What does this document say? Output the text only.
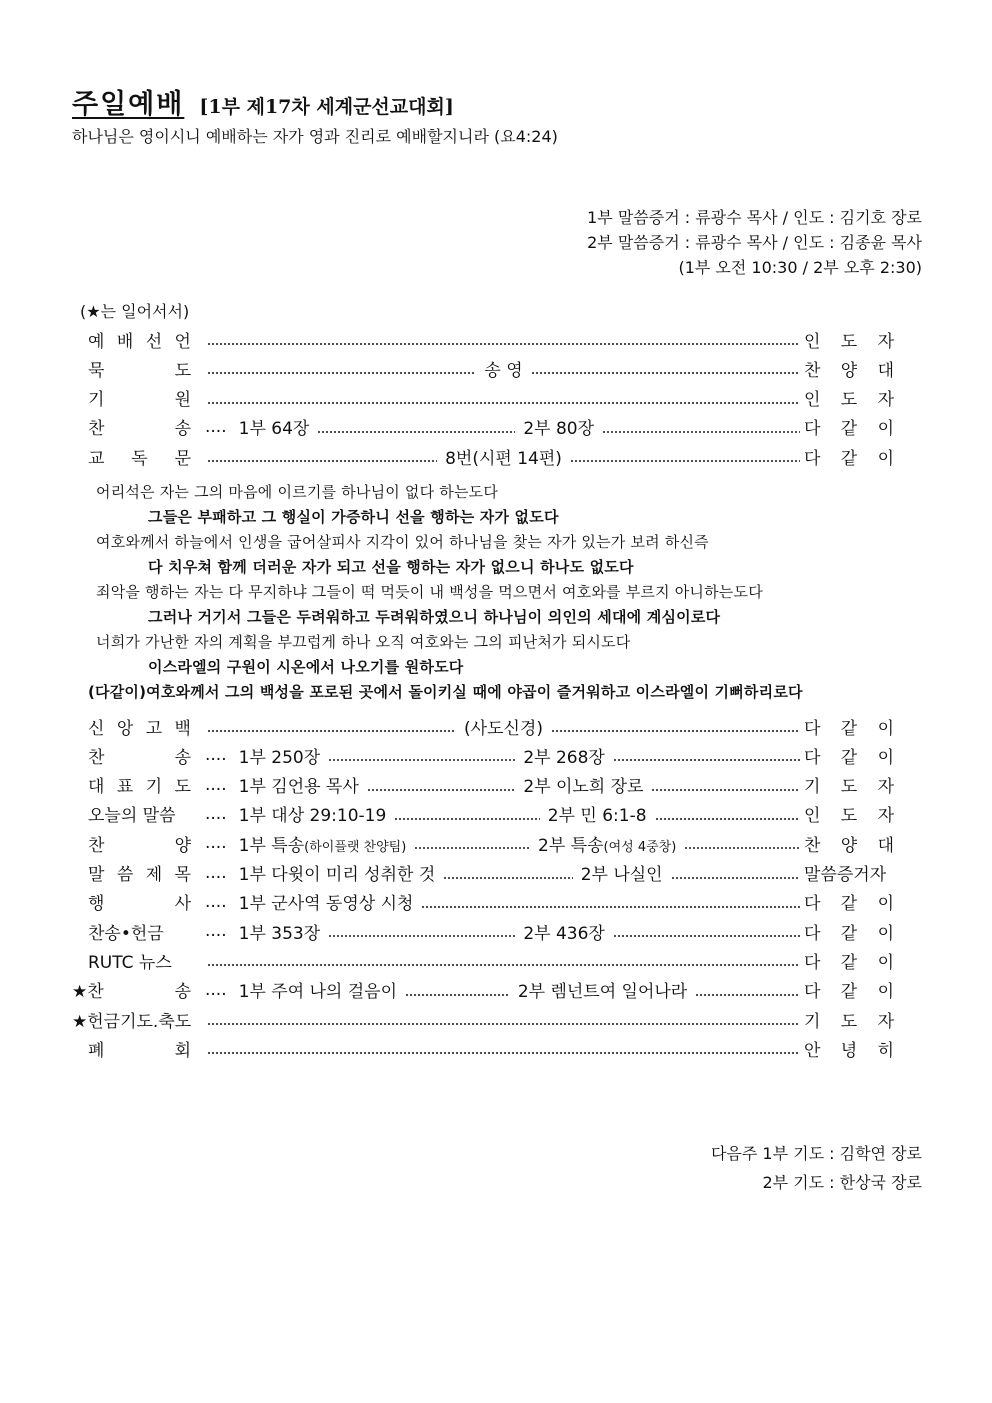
주일예배 [1부 제17차 세계군선교대회]
하나님은 영이시니 예배하는 자가 영과 진리로 예배할지니라 (요4:24)
1부 말씀증거 : 류광수 목사 / 인도 : 김기호 장로
2부 말씀증거 : 류광수 목사 / 인도 : 김종윤 목사
(1부 오전 10:30 / 2부 오후 2:30)
(★는 일어서서)
예 배 선 언	인 도 자
묵	도	송 영	찬 양 대
기	원	인 도 자
찬	송 .... 1부 64장	2부 80장	다 같 이
교 독 문	8번(시편 14편)	다 같 이
어리석은 자는 그의 마음에 이르기를 하나님이 없다 하는도다
그들은 부패하고 그 행실이 가증하니 선을 행하는 자가 없도다
여호와께서 하늘에서 인생을 굽어살피사 지각이 있어 하나님을 찾는 자가 있는가 보려 하신즉
다 치우쳐 함께 더러운 자가 되고 선을 행하는 자가 없으니 하나도 없도다
죄악을 행하는 자는 다 무지하냐 그들이 떡 먹듯이 내 백성을 먹으면서 여호와를 부르지 아니하는도다
그러나 거기서 그들은 두려워하고 두려워하였으니 하나님이 의인의 세대에 계심이로다
너희가 가난한 자의 계획을 부끄럽게 하나 오직 여호와는 그의 피난처가 되시도다
이스라엘의 구원이 시온에서 나오기를 원하도다
(다같이)여호와께서 그의 백성을 포로된 곳에서 돌이키실 때에 야곱이 즐거워하고 이스라엘이 기뻐하리로다
신 앙 고 백	(사도신경)	다 같 이
찬	송 .... 1부 250장	2부 268장	다 같 이
대 표 기 도 .... 1부 김언용 목사	2부 이노희 장로	기 도 자
오늘의 말씀 .... 1부 대상 29:10-19	2부 민 6:1-8	인 도 자
찬	양 .... 1부 특송(하이플랫 찬양팀)	2부 특송(여성 4중창)	찬 양 대
말 씀 제 목 .... 1부 다윗이 미리 성취한 것	2부 나실인	말씀증거자
행	사 .... 1부 군사역 동영상 시청	다 같 이
찬송•헌금 .... 1부 353장	2부 436장	다 같 이
RUTC 뉴스	다 같 이
★찬	송 .... 1부 주여 나의 걸음이	2부 렘넌트여 일어나라	다 같 이
★헌금기도.축도	기 도 자
폐	회	안 녕 히
다음주 1부 기도 : 김학연 장로
2부 기도 : 한상국 장로
